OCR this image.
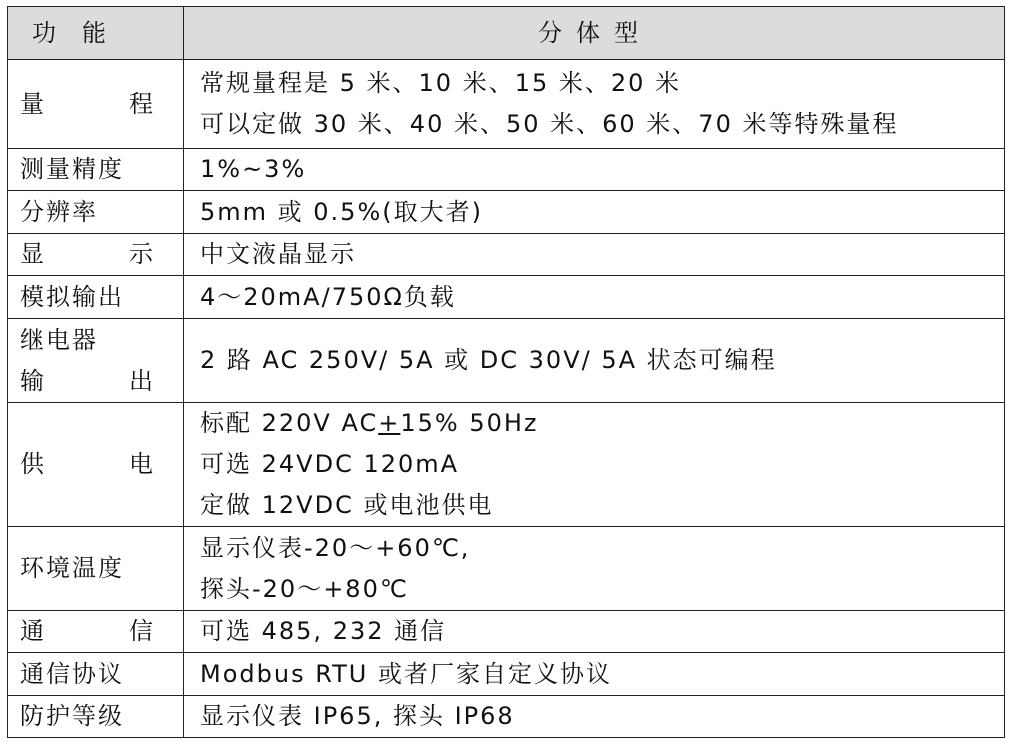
功能	分体型
量 程	常规量程是 5 米、10 米、15 米、20 米
可以定做 30 米、40 米、50 米、60 米、70 米等特殊量程

测量精度	1%~3%
分辨率	5mm 或 0.5%(取大者)
显 示	中文液晶显示
模拟输出	4～20mA/750Ω负载

继电器
输 出	2 路 AC 250V/ 5A 或 DC 30V/ 5A 状态可编程
供 电	标配 220V AC+15% 50Hz
可选 24VDC 120mA
定做 12VDC 或电池供电

环境温度	显示仪表-20～+60℃,
探头-20～+80℃

通 信	可选 485, 232 通信
通信协议	Modbus RTU 或者厂家自定义协议
防护等级	显示仪表 IP65, 探头 IP68
